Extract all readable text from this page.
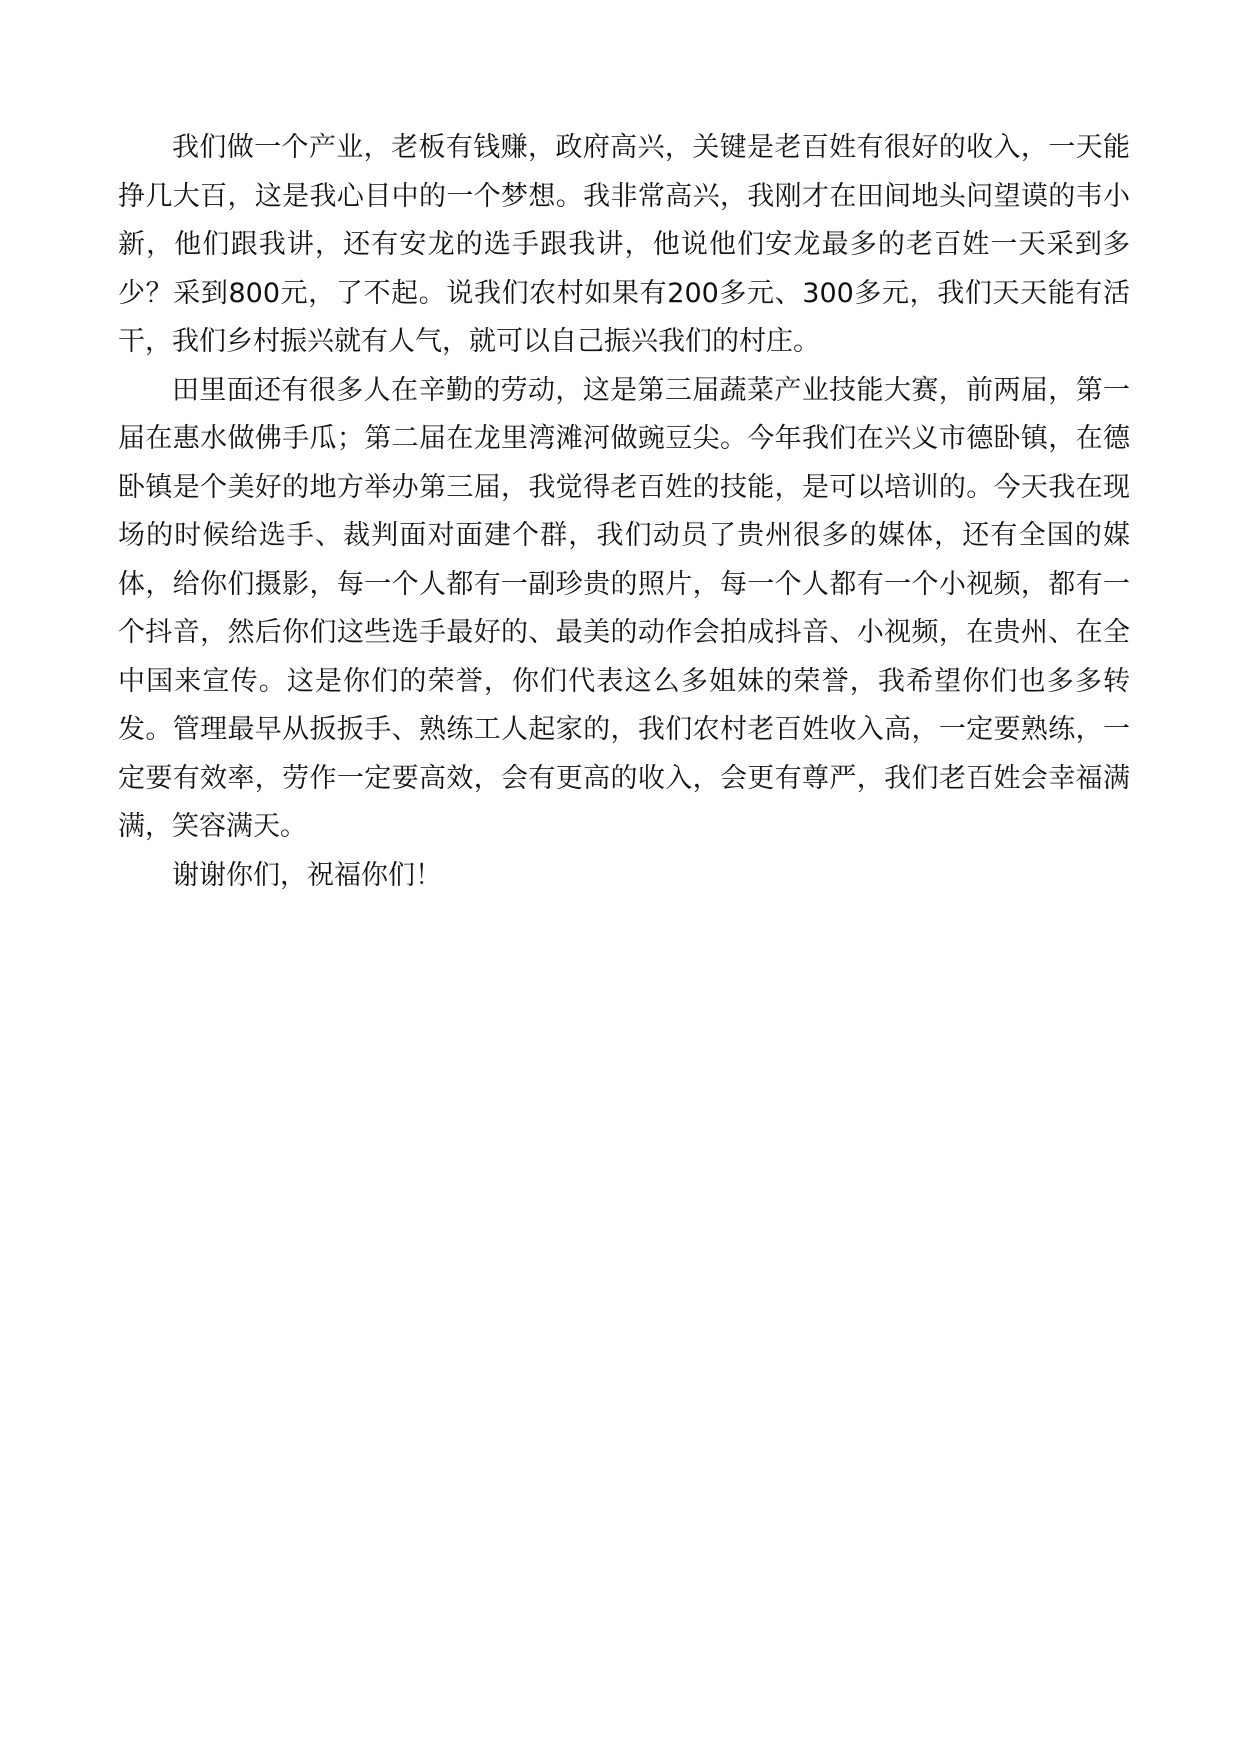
我们做一个产业，老板有钱赚，政府高兴，关键是老百姓有很好的收入，一天能挣几大百，这是我心目中的一个梦想。我非常高兴，我刚才在田间地头问望谟的韦小新，他们跟我讲，还有安龙的选手跟我讲，他说他们安龙最多的老百姓一天采到多少？采到800元，了不起。说我们农村如果有200多元、300多元，我们天天能有活干，我们乡村振兴就有人气，就可以自己振兴我们的村庄。

田里面还有很多人在辛勤的劳动，这是第三届蔬菜产业技能大赛，前两届，第一届在惠水做佛手瓜；第二届在龙里湾滩河做豌豆尖。今年我们在兴义市德卧镇，在德卧镇是个美好的地方举办第三届，我觉得老百姓的技能，是可以培训的。今天我在现场的时候给选手、裁判面对面建个群，我们动员了贵州很多的媒体，还有全国的媒体，给你们摄影，每一个人都有一副珍贵的照片，每一个人都有一个小视频，都有一个抖音，然后你们这些选手最好的、最美的动作会拍成抖音、小视频，在贵州、在全中国来宣传。这是你们的荣誉，你们代表这么多姐妹的荣誉，我希望你们也多多转发。管理最早从扳扳手、熟练工人起家的，我们农村老百姓收入高，一定要熟练，一定要有效率，劳作一定要高效，会有更高的收入，会更有尊严，我们老百姓会幸福满满，笑容满天。

谢谢你们，祝福你们！
